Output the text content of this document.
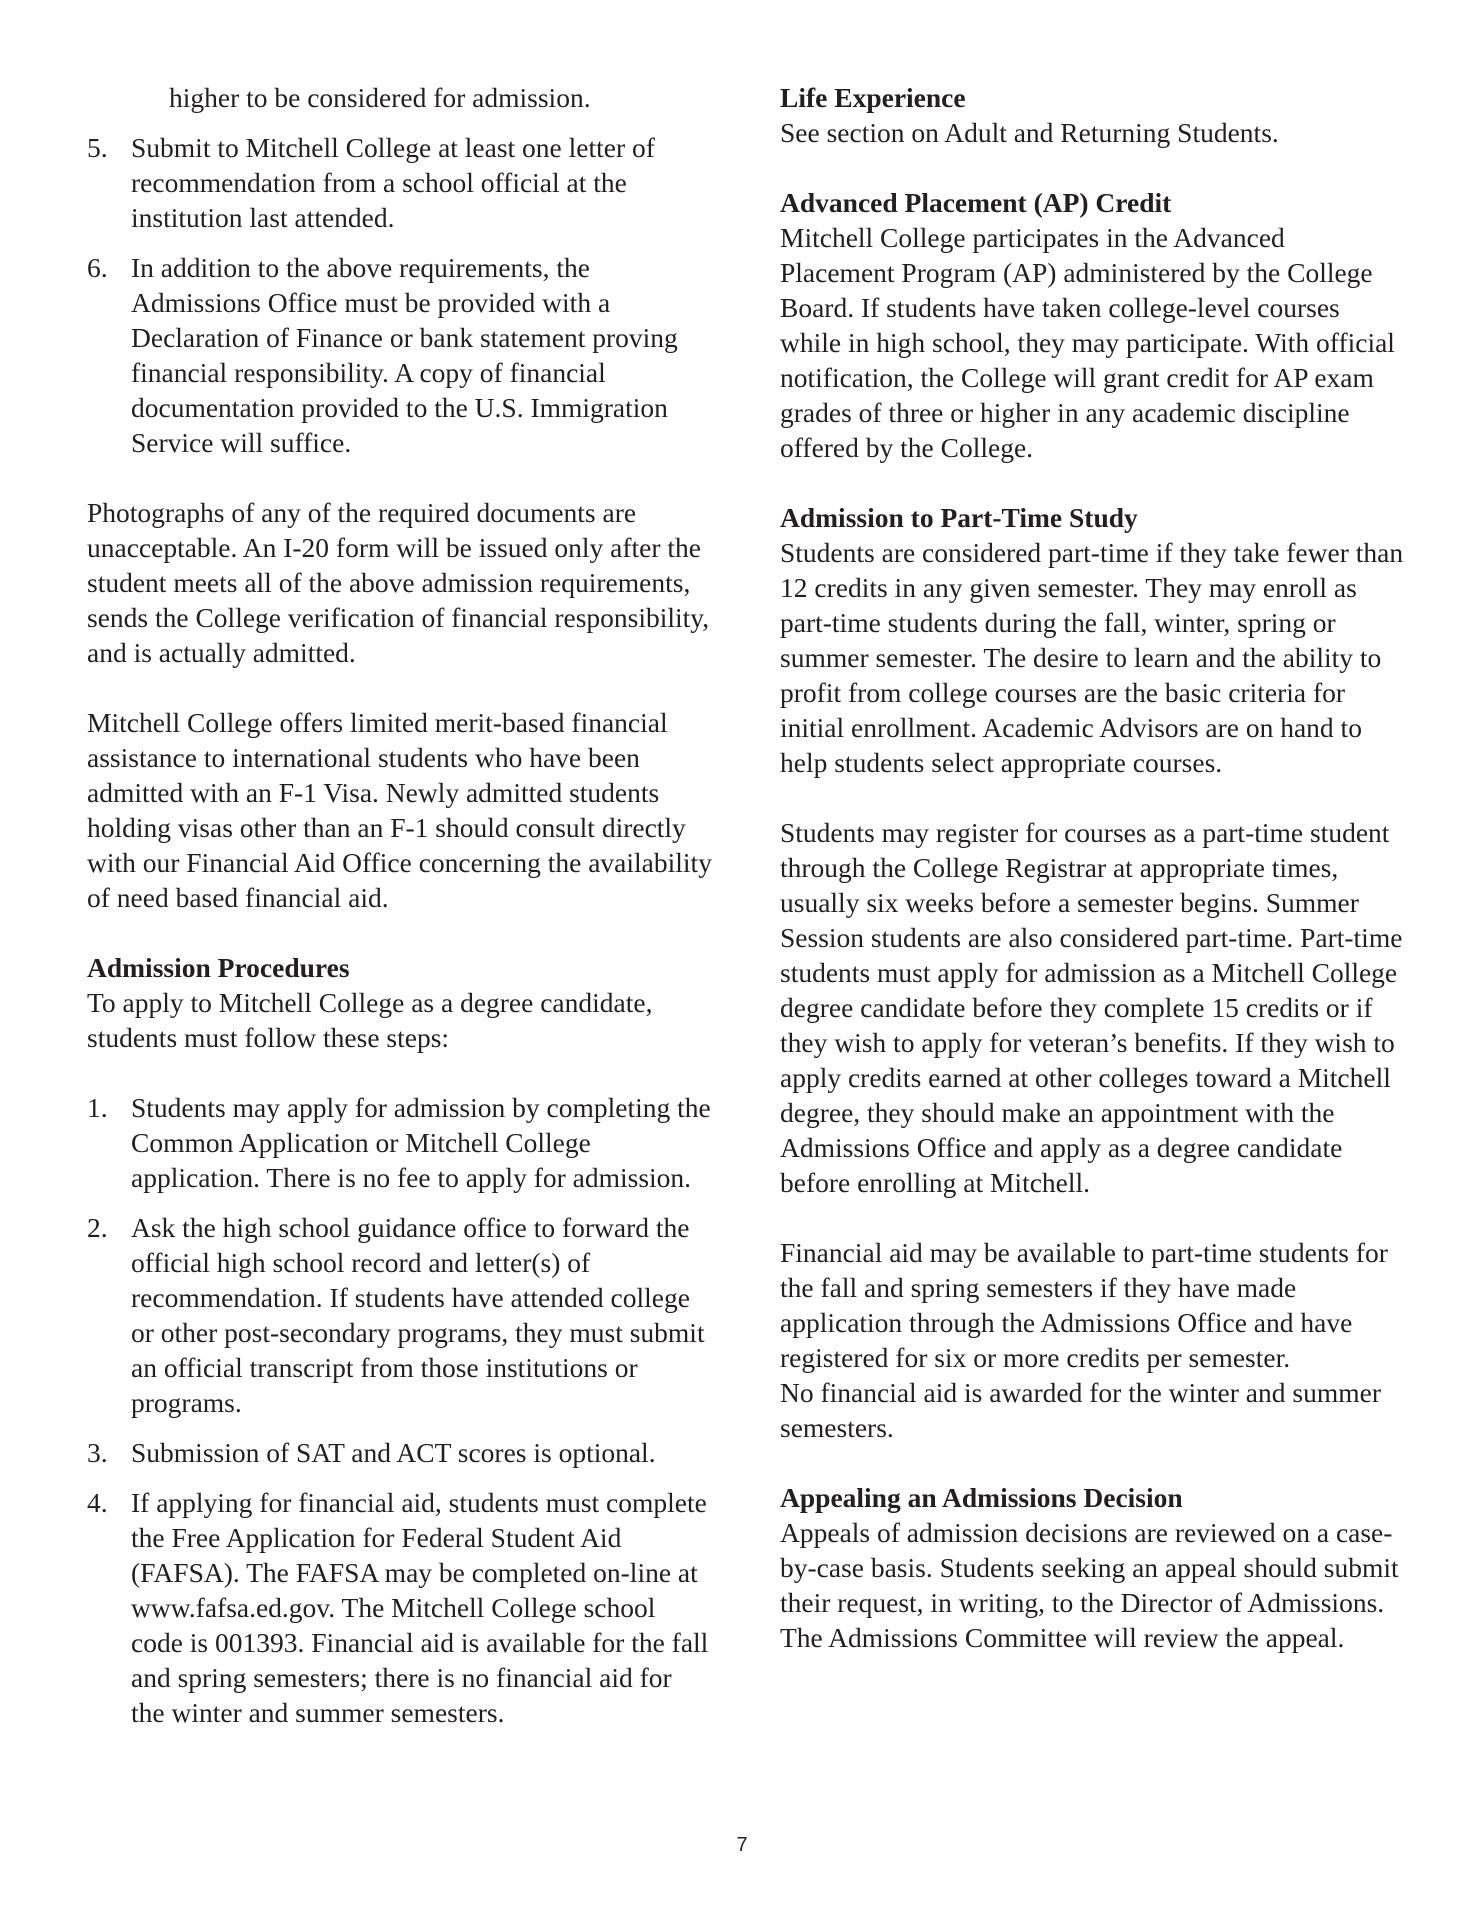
higher to be considered for admission.

5. Submit to Mitchell College at least one letter of recommendation from a school official at the institution last attended.
6. In addition to the above requirements, the Admissions Office must be provided with a Declaration of Finance or bank statement proving financial responsibility. A copy of financial documentation provided to the U.S. Immigration Service will suffice.

Photographs of any of the required documents are unacceptable. An I-20 form will be issued only after the student meets all of the above admission requirements, sends the College verification of financial responsibility, and is actually admitted.

Mitchell College offers limited merit-based financial assistance to international students who have been admitted with an F-1 Visa. Newly admitted students holding visas other than an F-1 should consult directly with our Financial Aid Office concerning the availability of need based financial aid.

Admission Procedures

To apply to Mitchell College as a degree candidate, students must follow these steps:

1. Students may apply for admission by completing the Common Application or Mitchell College application. There is no fee to apply for admission.
2. Ask the high school guidance office to forward the official high school record and letter(s) of recommendation. If students have attended college or other post-secondary programs, they must submit an official transcript from those institutions or programs.
3. Submission of SAT and ACT scores is optional.
4. If applying for financial aid, students must complete the Free Application for Federal Student Aid (FAFSA). The FAFSA may be completed on-line at www.fafsa.ed.gov. The Mitchell College school code is 001393. Financial aid is available for the fall and spring semesters; there is no financial aid for the winter and summer semesters.

Life Experience

See section on Adult and Returning Students.

Advanced Placement (AP) Credit

Mitchell College participates in the Advanced Placement Program (AP) administered by the College Board. If students have taken college-level courses while in high school, they may participate. With official notification, the College will grant credit for AP exam grades of three or higher in any academic discipline offered by the College.

Admission to Part-Time Study

Students are considered part-time if they take fewer than 12 credits in any given semester. They may enroll as part-time students during the fall, winter, spring or summer semester. The desire to learn and the ability to profit from college courses are the basic criteria for initial enrollment. Academic Advisors are on hand to help students select appropriate courses.

Students may register for courses as a part-time student through the College Registrar at appropriate times, usually six weeks before a semester begins. Summer Session students are also considered part-time. Part-time students must apply for admission as a Mitchell College degree candidate before they complete 15 credits or if they wish to apply for veteran’s benefits. If they wish to apply credits earned at other colleges toward a Mitchell degree, they should make an appointment with the Admissions Office and apply as a degree candidate before enrolling at Mitchell.

Financial aid may be available to part-time students for the fall and spring semesters if they have made application through the Admissions Office and have registered for six or more credits per semester.

No financial aid is awarded for the winter and summer semesters.

Appealing an Admissions Decision

Appeals of admission decisions are reviewed on a case-by-case basis. Students seeking an appeal should submit their request, in writing, to the Director of Admissions. The Admissions Committee will review the appeal.

7
